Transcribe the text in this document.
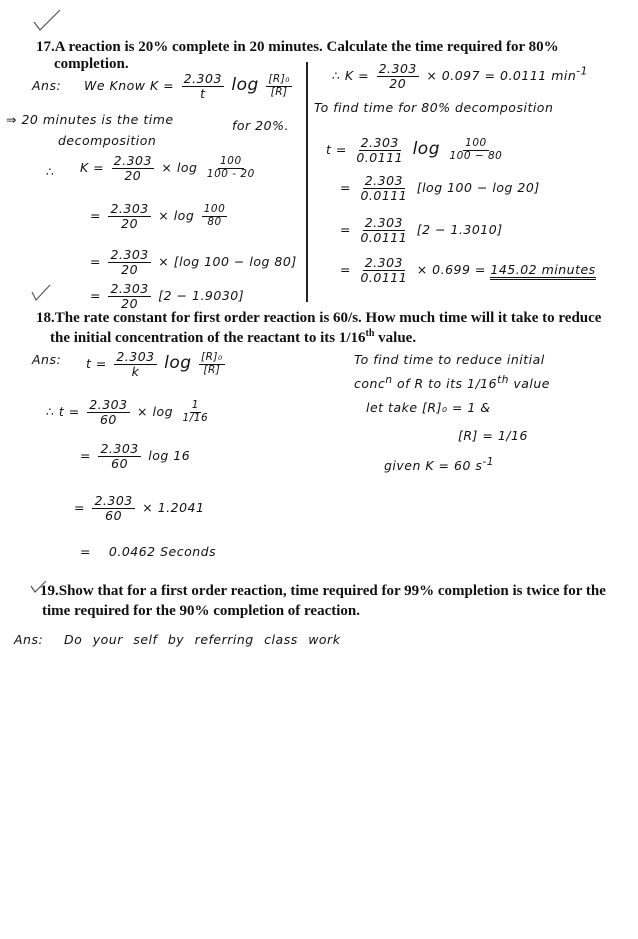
17.A reaction is 20% complete in 20 minutes. Calculate the time required for 80%
completion.
Ans: We Know $K = \frac{2.303}{t}$ $\log \frac{\text{[R]₀}}{[R]}$
⇒ 20 minutes is the time	for 20%.
decomposition
∴ $K = \frac{2.303}{20} \times \log \frac{100}{100 - 20}$
= $\frac{2.303}{20} \times \log \frac{100}{80}$
= $\frac{2.303}{20} \times [\log$ 100 − log 80]
= $\frac{2.303}{20} [2 - 1.9030]$
∴ $K = \frac{2.303}{20} \times 0.097 = 0.0111$ $\min^{-1}$
To find time for 80% decomposition
$t = \frac{2.303}{0.0111}$ $\log \frac{100}{100 - 80}$
= $\frac{2.303}{0.0111} [\log$ 100 − log 20]
= $\frac{2.303}{0.0111} [2 - 1.3010]$
= $\frac{2.303}{0.0111} \times 0.699 = 145.02$ minutes
18.The rate constant for first order reaction is 60/s. How much time will it take to reduce
the initial concentration of the reactant to its 1/16th value.
Ans: $t = \frac{2.303}{k}$ $\log \frac{\text{[R]₀}}{[R]}$
∴ $t = \frac{2.303}{60} \times \log \frac{1}{1/16}$
= $\frac{2.303}{60}$ log 16
= $\frac{2.303}{60} \times 1.2041$
= 0.0462 Seconds
To find time to reduce initial
conc$^n$ of R to its 1/16th value
let take [R]₀ = 1 &
[R] = 1/16
given K = 60 $s^{-1}$
19.Show that for a first order reaction, time required for 99% completion is twice for the
time required for the 90% completion of reaction.
Ans: Do your self by referring class work
